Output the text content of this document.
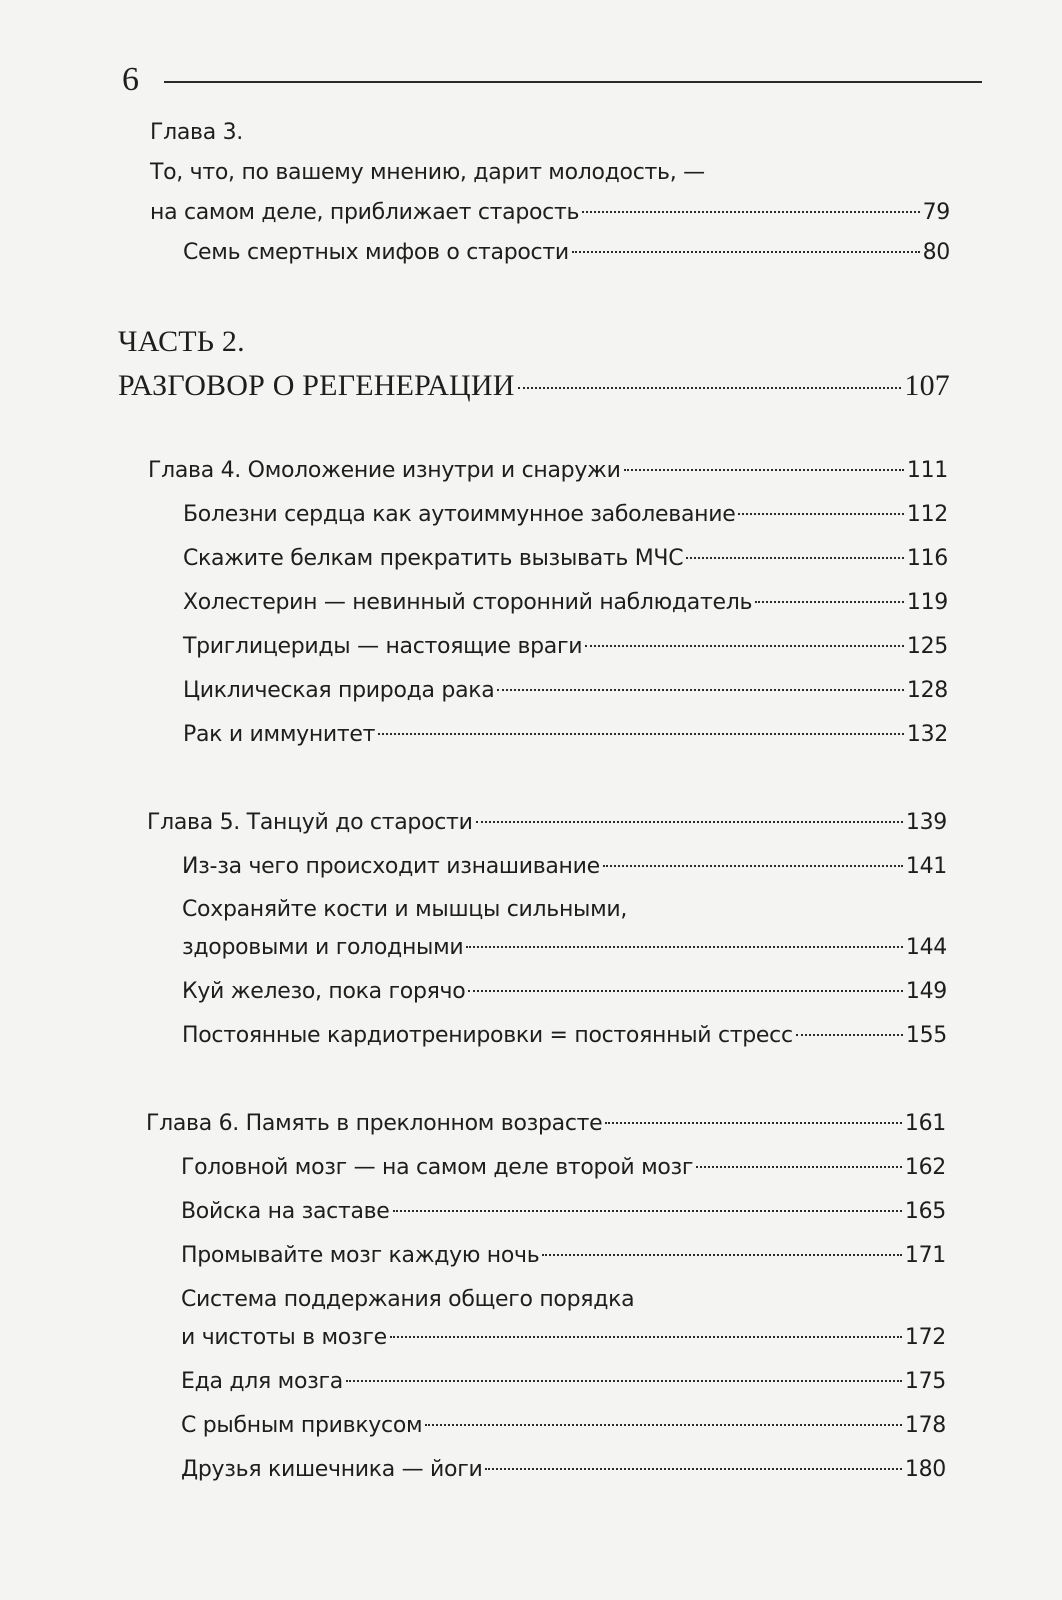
6
Глава 3.
То, что, по вашему мнению, дарит молодость, —
на самом деле, приближает старость	79
Семь смертных мифов о старости	80
ЧАСТЬ 2.
РАЗГОВОР О РЕГЕНЕРАЦИИ	107
Глава 4. Омоложение изнутри и снаружи	111
Болезни сердца как аутоиммунное заболевание	112
Скажите белкам прекратить вызывать МЧС	116
Холестерин — невинный сторонний наблюдатель	119
Триглицериды — настоящие враги	125
Циклическая природа рака	128
Рак и иммунитет	132
Глава 5. Танцуй до старости	139
Из-за чего происходит изнашивание	141
Сохраняйте кости и мышцы сильными,
здоровыми и голодными	144
Куй железо, пока горячо	149
Постоянные кардиотренировки = постоянный стресс	155
Глава 6. Память в преклонном возрасте	161
Головной мозг — на самом деле второй мозг	162
Войска на заставе	165
Промывайте мозг каждую ночь	171
Система поддержания общего порядка
и чистоты в мозге	172
Еда для мозга	175
С рыбным привкусом	178
Друзья кишечника — йоги	180
